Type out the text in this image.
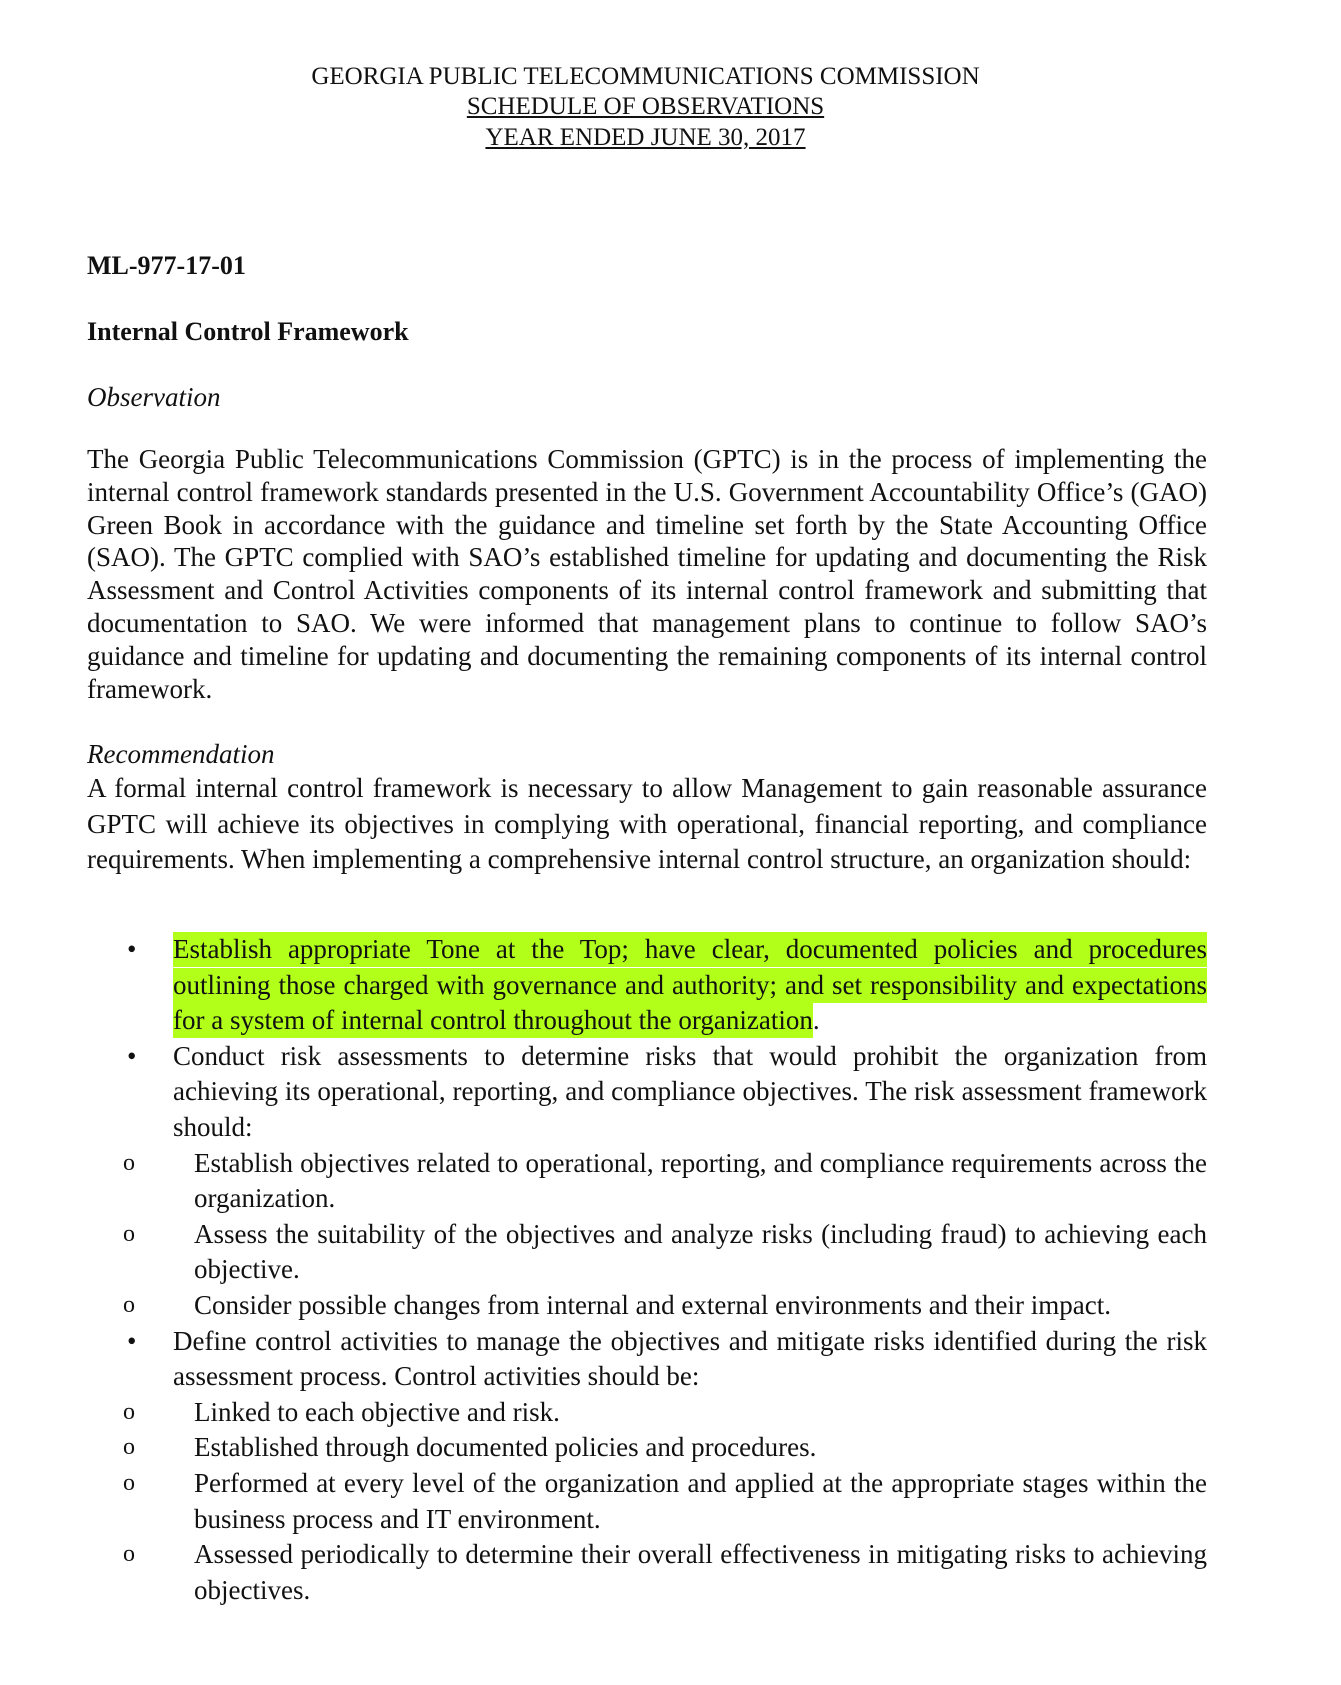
GEORGIA PUBLIC TELECOMMUNICATIONS COMMISSION
SCHEDULE OF OBSERVATIONS
YEAR ENDED JUNE 30, 2017
ML-977-17-01
Internal Control Framework
Observation
The Georgia Public Telecommunications Commission (GPTC) is in the process of implementing the internal control framework standards presented in the U.S. Government Accountability Office’s (GAO) Green Book in accordance with the guidance and timeline set forth by the State Accounting Office (SAO). The GPTC complied with SAO’s established timeline for updating and documenting the Risk Assessment and Control Activities components of its internal control framework and submitting that documentation to SAO. We were informed that management plans to continue to follow SAO’s guidance and timeline for updating and documenting the remaining components of its internal control framework.
Recommendation
A formal internal control framework is necessary to allow Management to gain reasonable assurance GPTC will achieve its objectives in complying with operational, financial reporting, and compliance requirements. When implementing a comprehensive internal control structure, an organization should:
•	Establish appropriate Tone at the Top; have clear, documented policies and procedures outlining those charged with governance and authority; and set responsibility and expectations for a system of internal control throughout the organization.
•	Conduct risk assessments to determine risks that would prohibit the organization from achieving its operational, reporting, and compliance objectives. The risk assessment framework should:
o Establish objectives related to operational, reporting, and compliance requirements across the organization.
o Assess the suitability of the objectives and analyze risks (including fraud) to achieving each objective.
o Consider possible changes from internal and external environments and their impact.
•	Define control activities to manage the objectives and mitigate risks identified during the risk assessment process. Control activities should be:
o Linked to each objective and risk.
o Established through documented policies and procedures.
o Performed at every level of the organization and applied at the appropriate stages within the business process and IT environment.
o Assessed periodically to determine their overall effectiveness in mitigating risks to achieving objectives.
